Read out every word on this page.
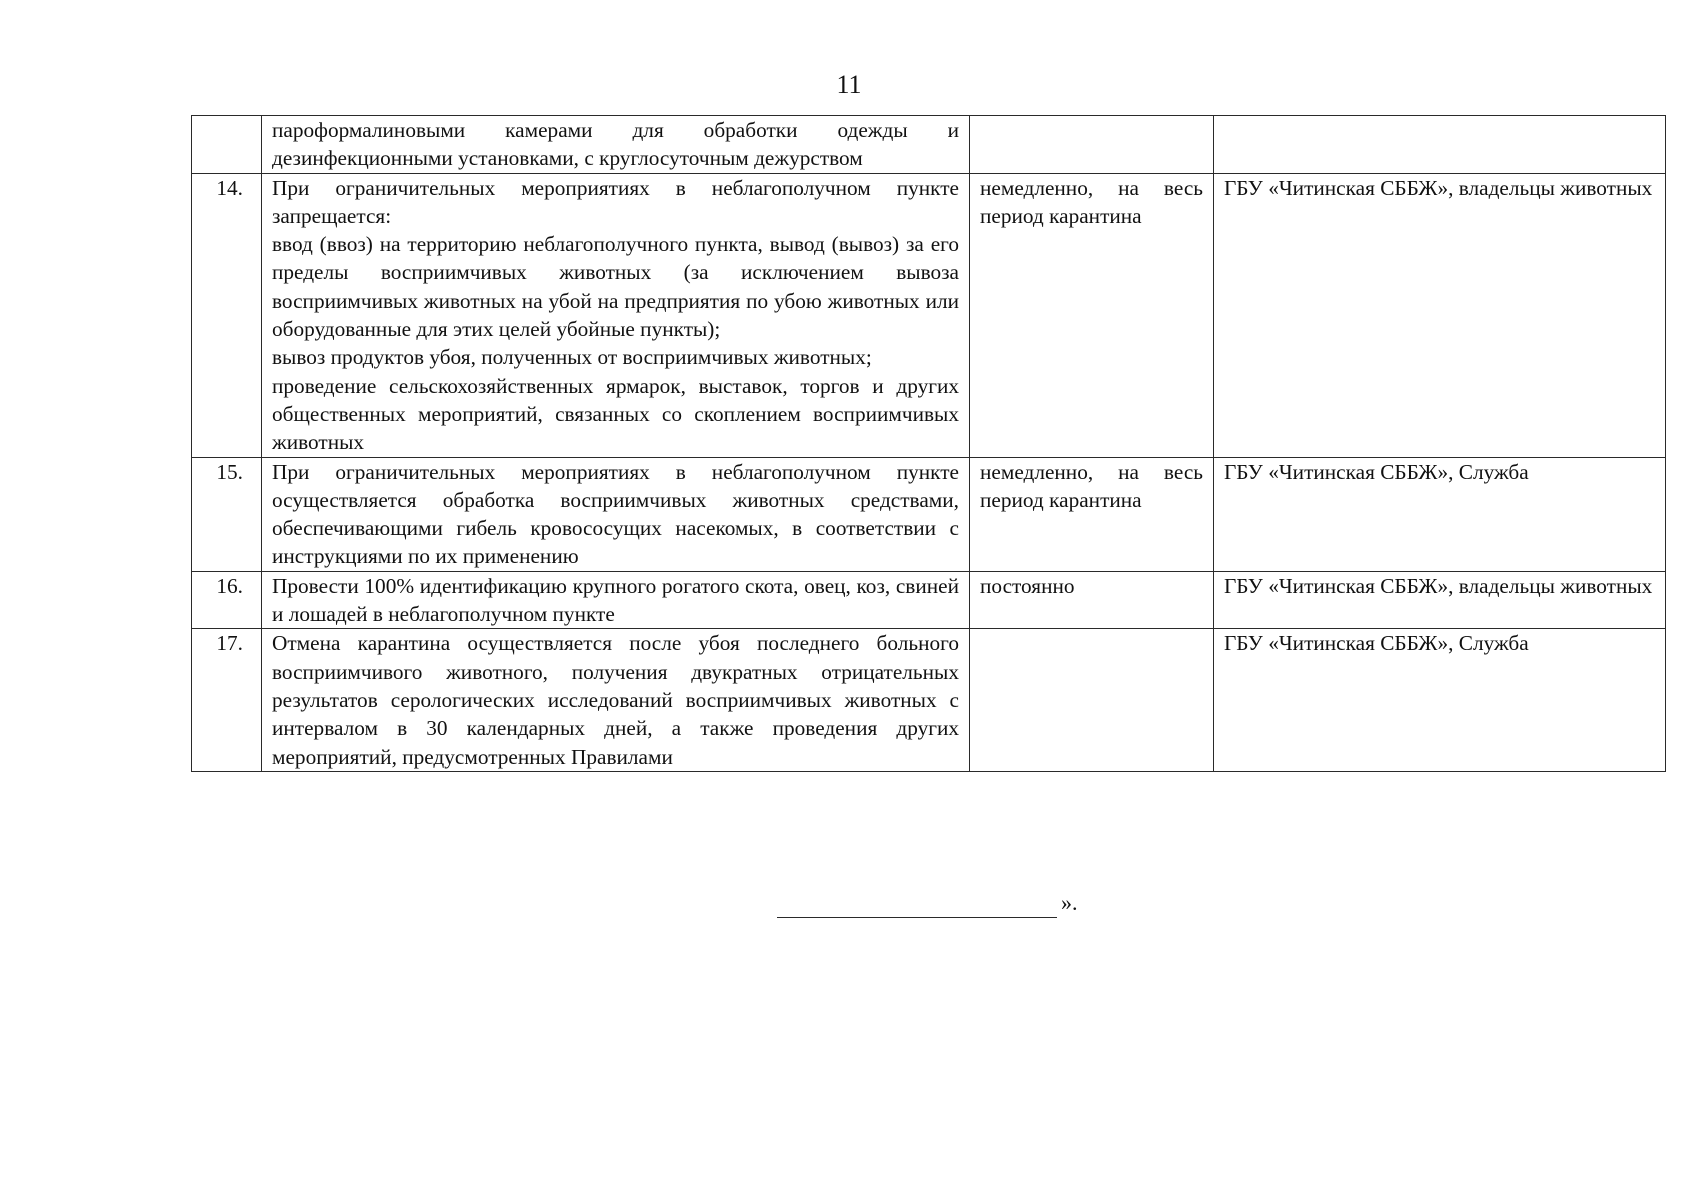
11

	пароформалиновыми камерами для обработки одежды и дезинфекционными установками, с круглосуточным дежурством		

14.	При ограничительных мероприятиях в неблагополучном пункте запрещается:

ввод (ввоз) на территорию неблагополучного пункта, вывод (вывоз) за его пределы восприимчивых животных (за исключением вывоза восприимчивых животных на убой на предприятия по убою животных или оборудованные для этих целей убойные пункты);

вывоз продуктов убоя, полученных от восприимчивых животных;

проведение сельскохозяйственных ярмарок, выставок, торгов и других общественных мероприятий, связанных со скоплением восприимчивых животных	немедленно, на весь период карантина	ГБУ «Читинская СББЖ», владельцы животных
15.	При ограничительных мероприятиях в неблагополучном пункте осуществляется обработка восприимчивых животных средствами, обеспечивающими гибель кровососущих насекомых, в соответствии с инструкциями по их применению	немедленно, на весь период карантина	ГБУ «Читинская СББЖ», Служба
16.	Провести 100% идентификацию крупного рогатого скота, овец, коз, свиней и лошадей в неблагополучном пункте	постоянно	ГБУ «Читинская СББЖ», владельцы животных
17.	Отмена карантина осуществляется после убоя последнего больного восприимчивого животного, получения двукратных отрицательных результатов серологических исследований восприимчивых животных с интервалом в 30 календарных дней, а также проведения других мероприятий, предусмотренных Правилами		ГБУ «Читинская СББЖ», Служба
».
